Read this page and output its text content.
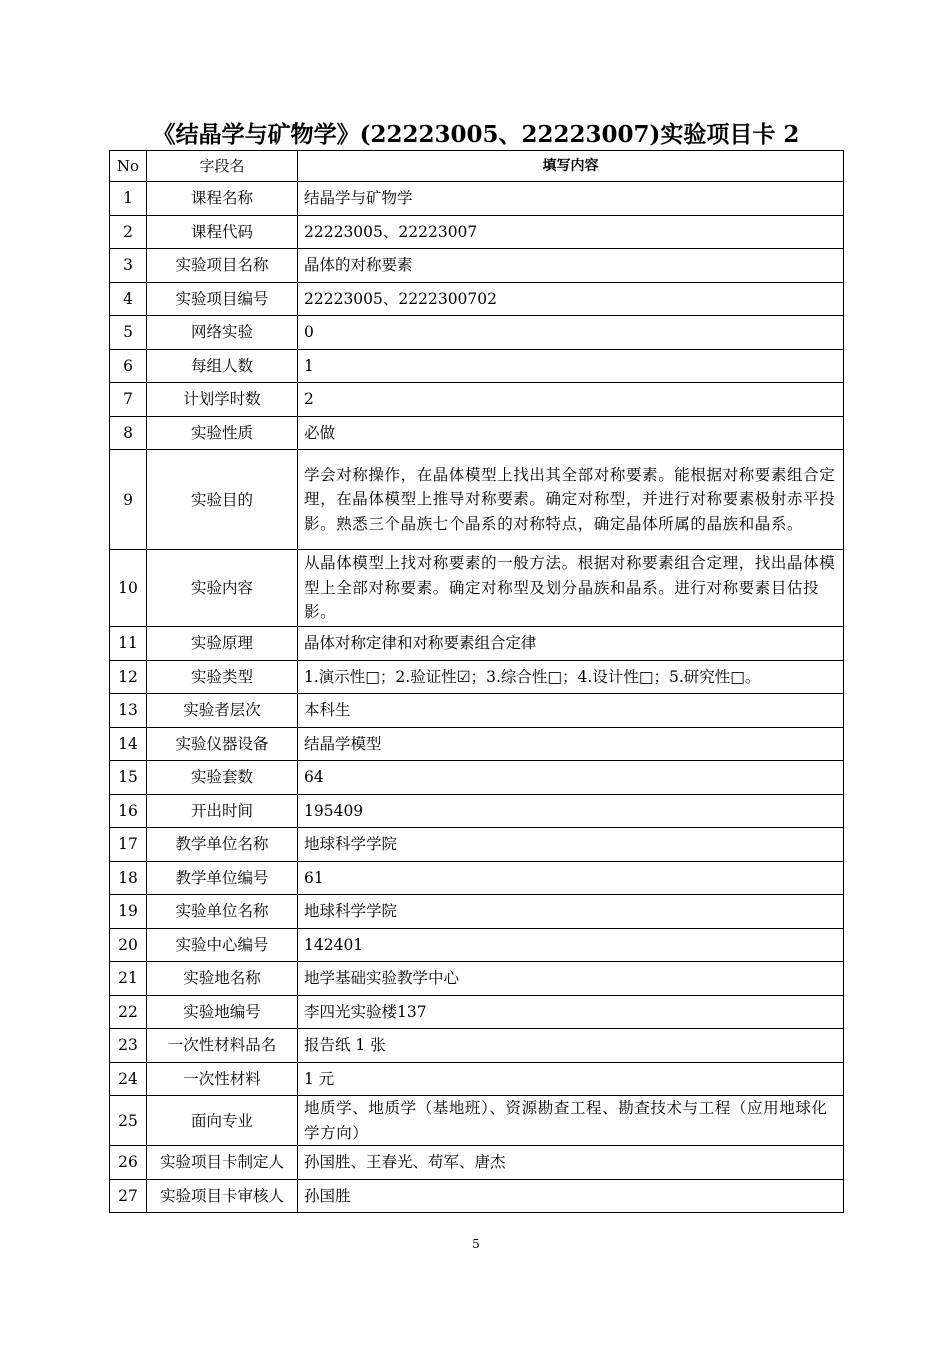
《结晶学与矿物学》(22223005、22223007)实验项目卡 2
No	字段名	填写内容
1	课程名称	结晶学与矿物学
2	课程代码	22223005、22223007
3	实验项目名称	晶体的对称要素
4	实验项目编号	22223005、2222300702
5	网络实验	0
6	每组人数	1
7	计划学时数	2
8	实验性质	必做
9	实验目的	学会对称操作，在晶体模型上找出其全部对称要素。能根据对称要素组合定理，在晶体模型上推导对称要素。确定对称型，并进行对称要素极射赤平投影。熟悉三个晶族七个晶系的对称特点，确定晶体所属的晶族和晶系。
10	实验内容	从晶体模型上找对称要素的一般方法。根据对称要素组合定理，找出晶体模型上全部对称要素。确定对称型及划分晶族和晶系。进行对称要素目估投影。
11	实验原理	晶体对称定律和对称要素组合定律
12	实验类型	1.演示性□；2.验证性☑；3.综合性□；4.设计性□；5.研究性□。
13	实验者层次	本科生
14	实验仪器设备	结晶学模型
15	实验套数	64
16	开出时间	195409
17	教学单位名称	地球科学学院
18	教学单位编号	61
19	实验单位名称	地球科学学院
20	实验中心编号	142401
21	实验地名称	地学基础实验教学中心
22	实验地编号	李四光实验楼137
23	一次性材料品名	报告纸 1 张
24	一次性材料	1 元
25	面向专业	地质学、地质学（基地班）、资源勘查工程、勘查技术与工程（应用地球化学方向）
26	实验项目卡制定人	孙国胜、王春光、苟军、唐杰
27	实验项目卡审核人	孙国胜
5
